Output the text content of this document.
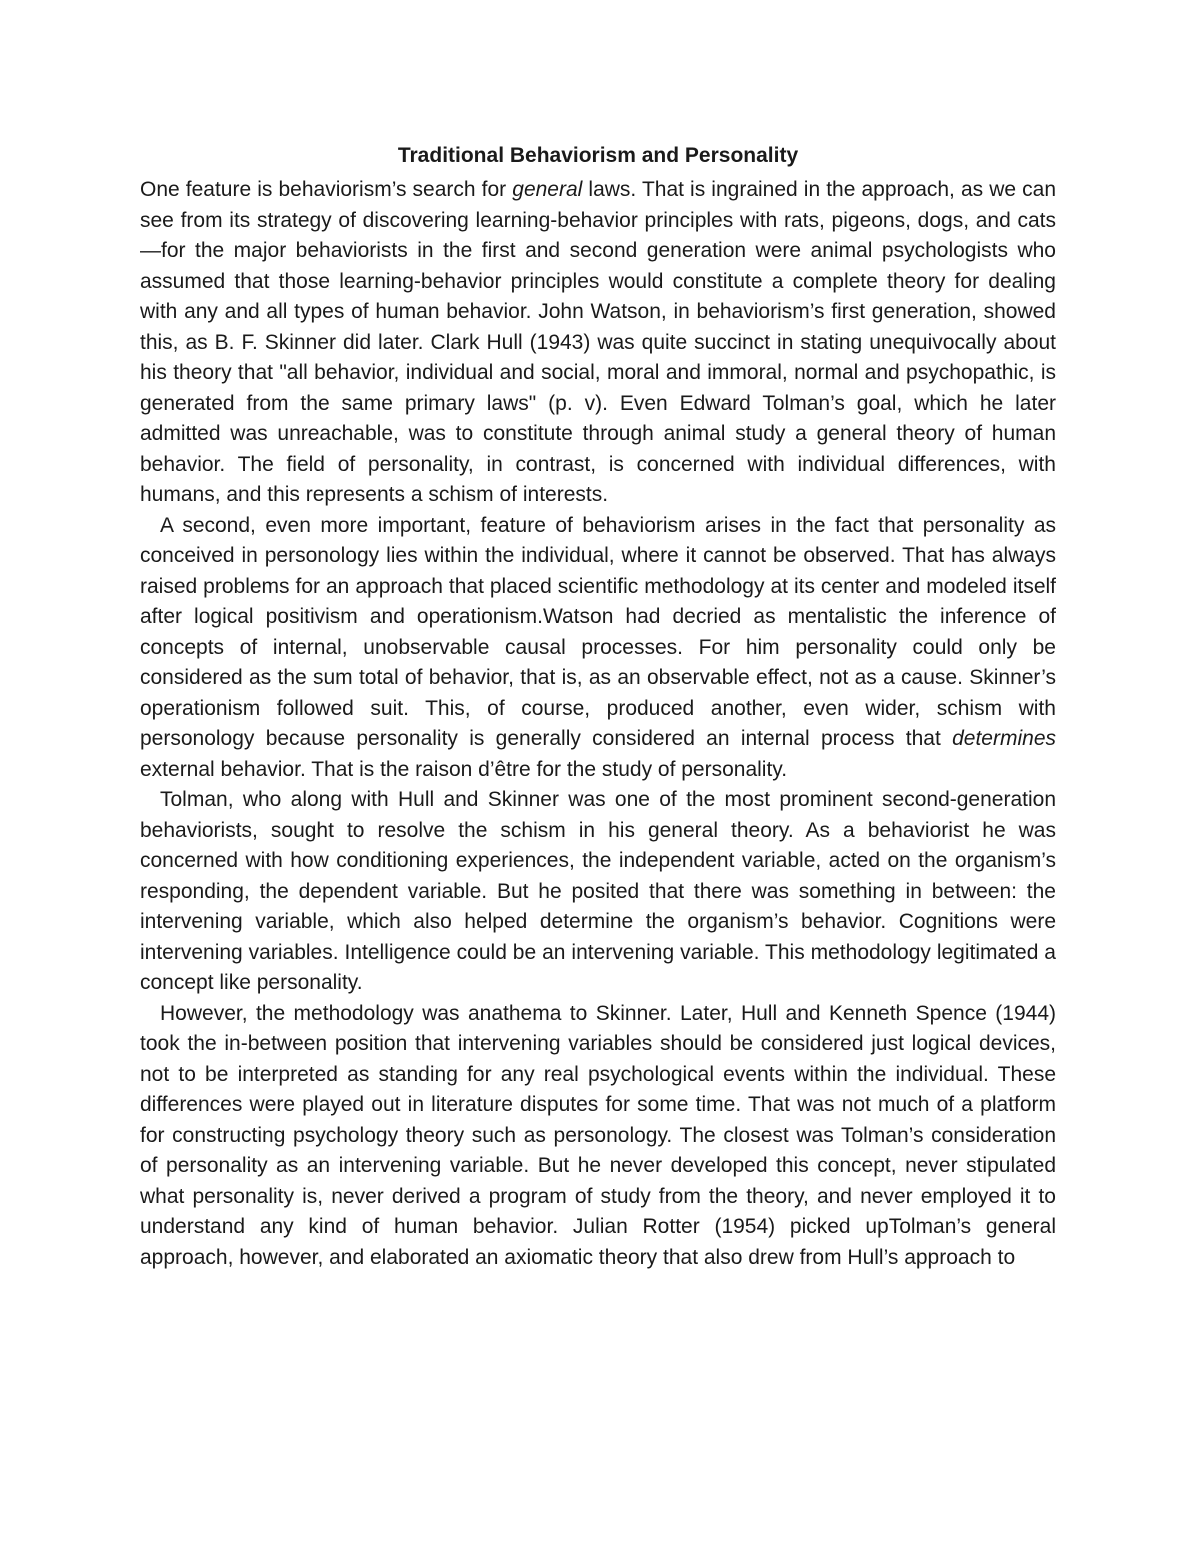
Traditional Behaviorism and Personality

One feature is behaviorism’s search for general laws. That is ingrained in the approach, as we can see from its strategy of discovering learning-behavior principles with rats, pigeons, dogs, and cats—for the major behaviorists in the first and second generation were animal psychologists who assumed that those learning-behavior principles would constitute a complete theory for dealing with any and all types of human behavior. John Watson, in behaviorism’s first generation, showed this, as B. F. Skinner did later. Clark Hull (1943) was quite succinct in stating unequivocally about his theory that "all behavior, individual and social, moral and immoral, normal and psychopathic, is generated from the same primary laws" (p. v). Even Edward Tolman’s goal, which he later admitted was unreachable, was to constitute through animal study a general theory of human behavior. The field of personality, in contrast, is concerned with individual differences, with humans, and this represents a schism of interests.

A second, even more important, feature of behaviorism arises in the fact that personality as conceived in personology lies within the individual, where it cannot be observed. That has always raised problems for an approach that placed scientific methodology at its center and modeled itself after logical positivism and operationism.Watson had decried as mentalistic the inference of concepts of internal, unobservable causal processes. For him personality could only be considered as the sum total of behavior, that is, as an observable effect, not as a cause. Skinner’s operationism followed suit. This, of course, produced another, even wider, schism with personology because personality is generally considered an internal process that determines external behavior. That is the raison d’être for the study of personality.

Tolman, who along with Hull and Skinner was one of the most prominent second-generation behaviorists, sought to resolve the schism in his general theory. As a behaviorist he was concerned with how conditioning experiences, the independent variable, acted on the organism’s responding, the dependent variable. But he posited that there was something in between: the intervening variable, which also helped determine the organism’s behavior. Cognitions were intervening variables. Intelligence could be an intervening variable. This methodology legitimated a concept like personality.

However, the methodology was anathema to Skinner. Later, Hull and Kenneth Spence (1944) took the in-between position that intervening variables should be considered just logical devices, not to be interpreted as standing for any real psychological events within the individual. These differences were played out in literature disputes for some time. That was not much of a platform for constructing psychology theory such as personology. The closest was Tolman’s consideration of personality as an intervening variable. But he never developed this concept, never stipulated what personality is, never derived a program of study from the theory, and never employed it to understand any kind of human behavior. Julian Rotter (1954) picked upTolman’s general approach, however, and elaborated an axiomatic theory that also drew from Hull’s approach to
